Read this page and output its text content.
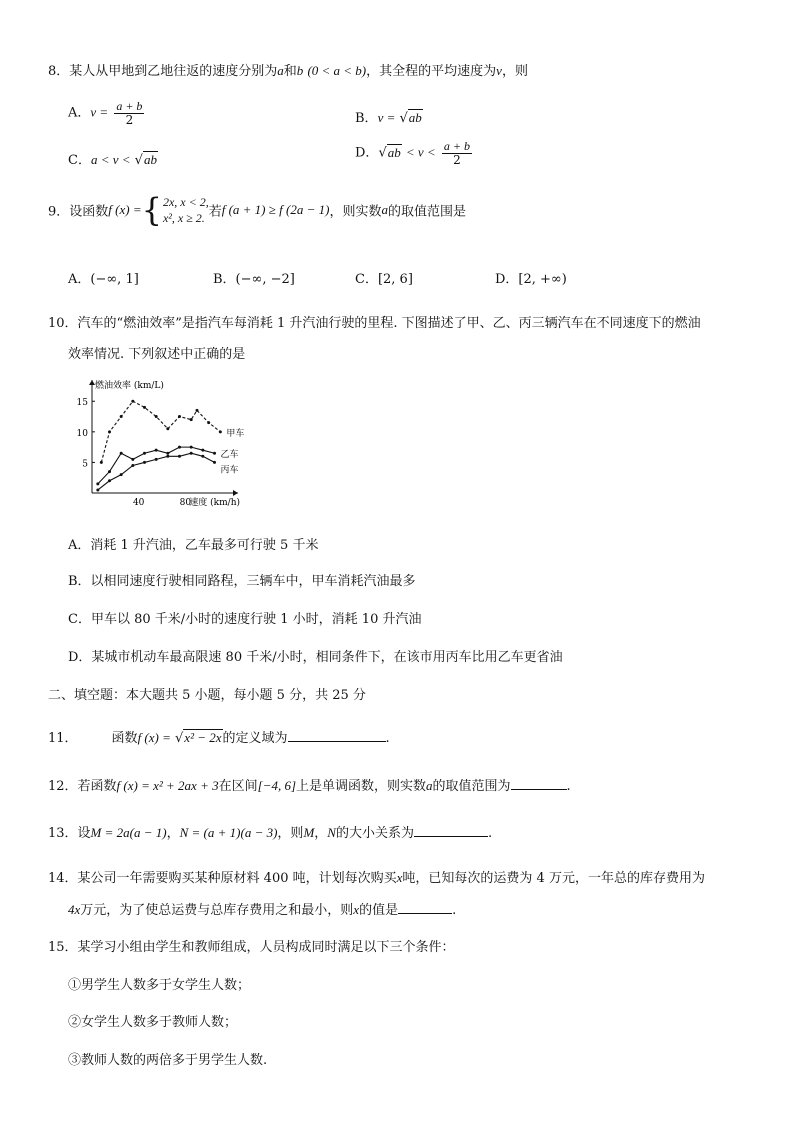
8．某人从甲地到乙地往返的速度分别为a和b (0 < a < b)，其全程的平均速度为v，则
A．$v = \frac{a + b}{2}$	B．v = √ab
C．a < v < √ab	D．$√ab < v < \frac{a + b}{2}$
9．设函数f (x) ={2x, x < 2,
x², x ≥ 2. 若f (a + 1) ≥ f (2a − 1)，则实数a的取值范围是
A．(−∞, 1]	B．(−∞, −2]	C．[2, 6]	D．[2, +∞)
10．汽车的“燃油效率”是指汽车每消耗 1 升汽油行驶的里程. 下图描述了甲、乙、丙三辆汽车在不同速度下的燃油
效率情况. 下列叙述中正确的是
5
10
15
40	80
燃油效率 (km/L)
速度 (km/h)
甲车
乙车
丙车
A．消耗 1 升汽油，乙车最多可行驶 5 千米
B．以相同速度行驶相同路程，三辆车中，甲车消耗汽油最多
C．甲车以 80 千米/小时的速度行驶 1 小时，消耗 10 升汽油
D．某城市机动车最高限速 80 千米/小时，相同条件下，在该市用丙车比用乙车更省油
二、填空题：本大题共 5 小题，每小题 5 分，共 25 分
11．	函数f (x) = √x² − 2x的定义域为	.
12．若函数f (x) = x² + 2ax + 3在区间[−4, 6]上是单调函数，则实数a的取值范围为	.
13．设M = 2a(a − 1)，N = (a + 1)(a − 3)，则M，N的大小关系为	.
14．某公司一年需要购买某种原材料 400 吨，计划每次购买x吨，已知每次的运费为 4 万元，一年总的库存费用为
4x万元，为了使总运费与总库存费用之和最小，则x的值是	.
15．某学习小组由学生和教师组成，人员构成同时满足以下三个条件：
①男学生人数多于女学生人数；
②女学生人数多于教师人数；
③教师人数的两倍多于男学生人数.
